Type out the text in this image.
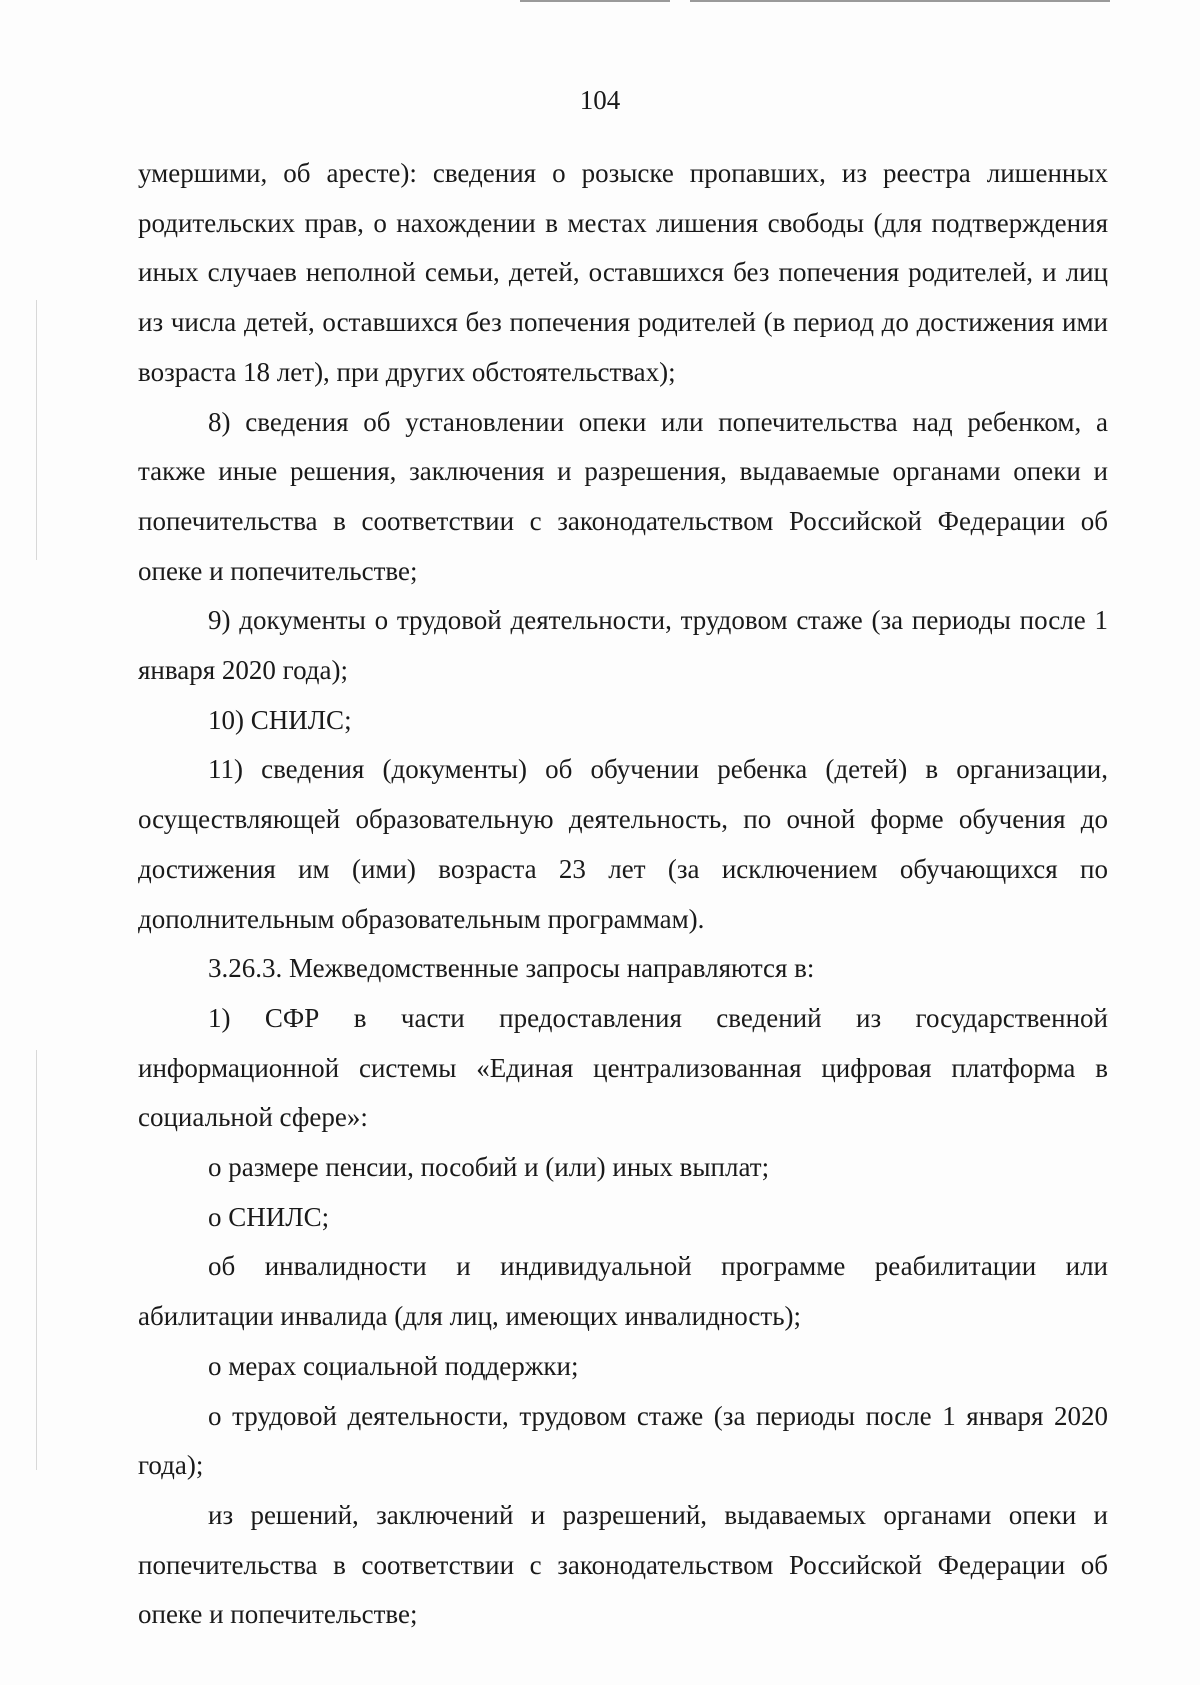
104

умершими, об аресте): сведения о розыске пропавших, из реестра лишенных родительских прав, о нахождении в местах лишения свободы (для подтверждения иных случаев неполной семьи, детей, оставшихся без попечения родителей, и лиц из числа детей, оставшихся без попечения родителей (в период до достижения ими возраста 18 лет), при других обстоятельствах);

8) сведения об установлении опеки или попечительства над ребенком, а также иные решения, заключения и разрешения, выдаваемые органами опеки и попечительства в соответствии с законодательством Российской Федерации об опеке и попечительстве;

9) документы о трудовой деятельности, трудовом стаже (за периоды после 1 января 2020 года);

10) СНИЛС;

11) сведения (документы) об обучении ребенка (детей) в организации, осуществляющей образовательную деятельность, по очной форме обучения до достижения им (ими) возраста 23 лет (за исключением обучающихся по дополнительным образовательным программам).

3.26.3. Межведомственные запросы направляются в:

1) СФР в части предоставления сведений из государственной информационной системы «Единая централизованная цифровая платформа в социальной сфере»:

о размере пенсии, пособий и (или) иных выплат;

о СНИЛС;

об инвалидности и индивидуальной программе реабилитации или абилитации инвалида (для лиц, имеющих инвалидность);

о мерах социальной поддержки;

о трудовой деятельности, трудовом стаже (за периоды после 1 января 2020 года);

из решений, заключений и разрешений, выдаваемых органами опеки и попечительства в соответствии с законодательством Российской Федерации об опеке и попечительстве;
